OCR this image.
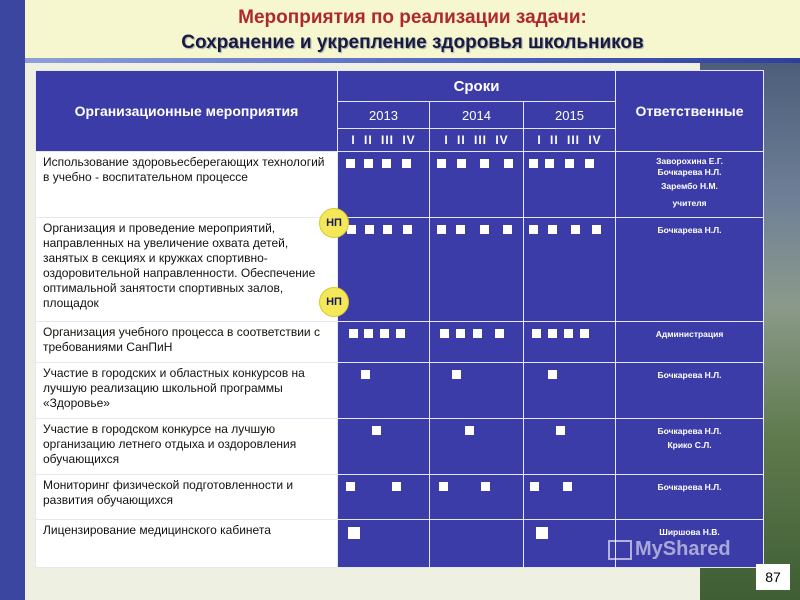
Мероприятия по реализации задачи:
Сохранение и укрепление здоровья школьников
Организационные мероприятия	Сроки			Ответственные
	2013	2014	2015	
	I II III IV	I II III IV	I II III IV	
Использование здоровьесберегающих технологий в учебно - воспитательном процессе				Заворохина Е.Г.
Бочкарева Н.Л.
Зарембо Н.М.
учителя

Организация и проведение мероприятий, направленных на увеличение охвата детей, занятых в секциях и кружках спортивно-оздоровительной направленности. Обеспечение оптимальной занятости спортивных залов, площадок				Бочкарева Н.Л.

Организация учебного процесса в соответствии с требованиями СанПиН				Администрация

Участие в городских и областных конкурсов на лучшую реализацию школьной программы «Здоровье»				Бочкарева Н.Л.

Участие в городском конкурсе на лучшую организацию летнего отдыха и оздоровления обучающихся				Бочкарева Н.Л.
Крико С.Л.

Мониторинг физической подготовленности и развития обучающихся				Бочкарева Н.Л.

Лицензирование медицинского кабинета				Ширшова Н.В.
НП
НП
MyShared
87
